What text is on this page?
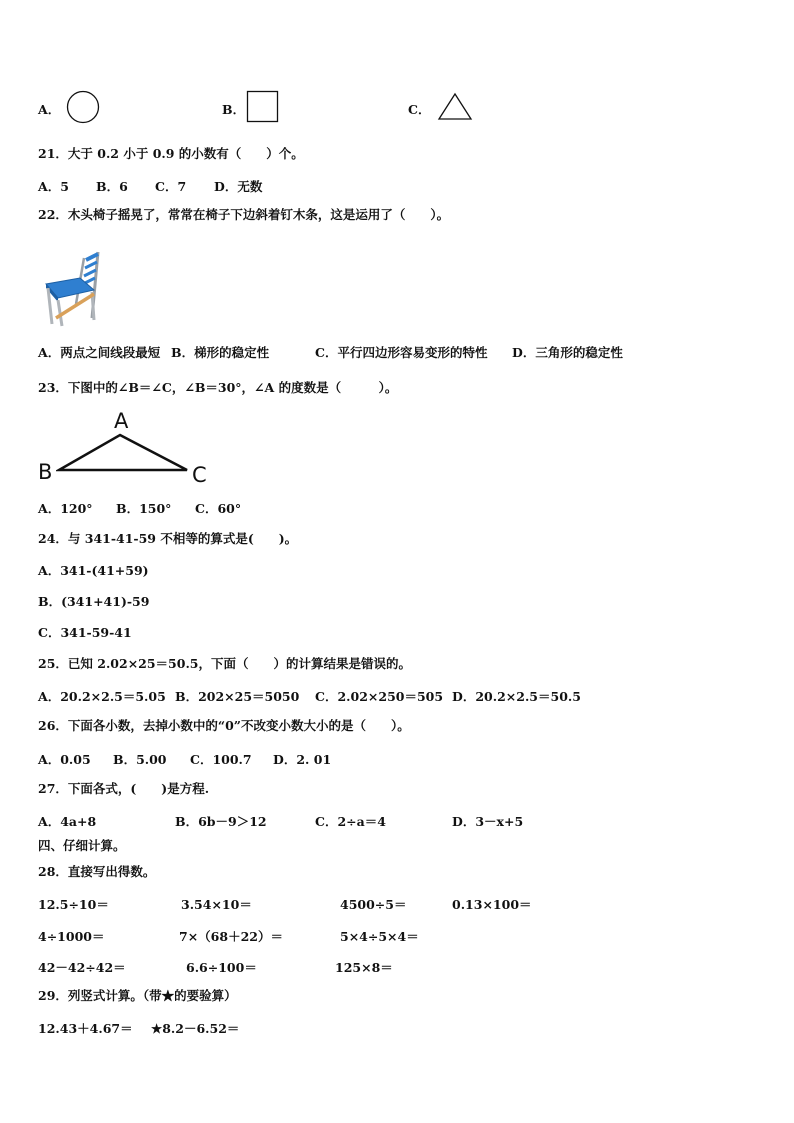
A．	B．	C．
21．大于 0.2 小于 0.9 的小数有（　　）个。
A．5 B．6 C．7 D．无数
22．木头椅子摇晃了，常常在椅子下边斜着钉木条，这是运用了（　　）。
A．两点之间线段最短 B．梯形的稳定性	C．平行四边形容易变形的特性 D．三角形的稳定性
23．下图中的∠B＝∠C，∠B＝30°，∠A 的度数是（　　　）。
A
B	C
A．120° B．150° C．60°
24．与 341-41-59 不相等的算式是(　　)。
A．341-(41+59)
B．(341+41)-59
C．341-59-41
25．已知 2.02×25＝50.5，下面（　　）的计算结果是错误的。
A．20.2×2.5＝5.05 B．202×25＝5050 C．2.02×250＝505 D．20.2×2.5＝50.5
26．下面各小数，去掉小数中的“0”不改变小数大小的是（　　）。
A．0.05 B．5.00 C．100.7 D．2. 01
27．下面各式，(　　)是方程.
A．4a+8	B．6b－9＞12	C．2÷a＝4	D．3－x+5
四、仔细计算。
28．直接写出得数。
12.5÷10＝	3.54×10＝	4500÷5＝	0.13×100＝
4÷1000＝	7×（68＋22）＝	5×4÷5×4＝
42－42÷42＝	6.6÷100＝	125×8＝
29．列竖式计算。（带★的要验算）
12.43＋4.67＝ ★8.2－6.52＝
